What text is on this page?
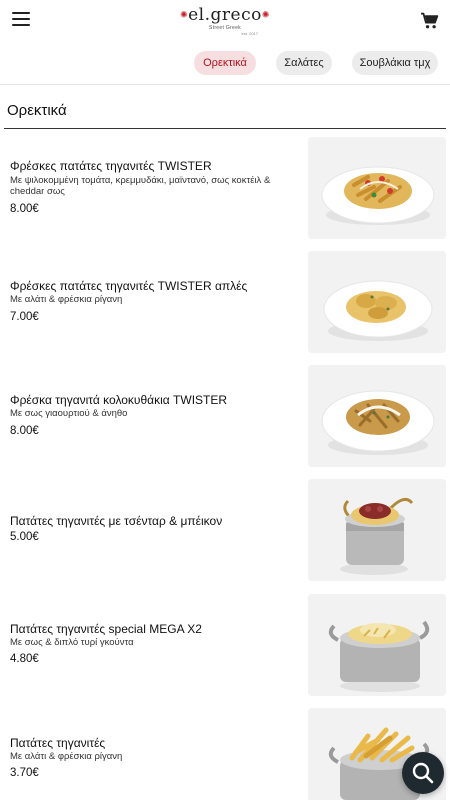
✺el.greco✺
Street Greek
est. 2017
Ορεκτικά	Σαλάτες	Σουβλάκια τμχ
Ορεκτικά
Φρέσκες πατάτες τηγανιτές TWISTER
Με ψιλοκομμένη τομάτα, κρεμμυδάκι, μαϊντανό, σως κοκτέιλ & cheddar σως
8.00€
Φρέσκες πατάτες τηγανιτές TWISTER απλές
Με αλάτι & φρέσκια ρίγανη
7.00€
Φρέσκα τηγανιτά κολοκυθάκια TWISTER
Με σως γιαουρτιού & άνηθο
8.00€
Πατάτες τηγανιτές με τσένταρ & μπέικον
5.00€
Πατάτες τηγανιτές special MEGA X2
Με σως & διπλό τυρί γκούντα
4.80€
Πατάτες τηγανιτές
Με αλάτι & φρέσκια ρίγανη
3.70€
